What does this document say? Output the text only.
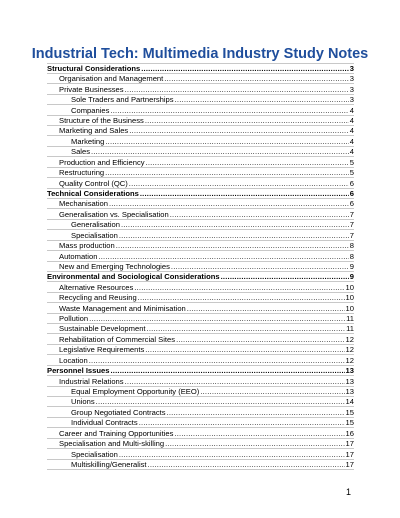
Industrial Tech: Multimedia Industry Study Notes
Structural Considerations .....	3
Organisation and Management .....	3
Private Businesses .....	3
Sole Traders and Partnerships .....	3
Companies .....	4
Structure of the Business .....	4
Marketing and Sales .....	4
Marketing .....	4
Sales .....	4
Production and Efficiency .....	5
Restructuring .....	5
Quality Control (QC) .....	6
Technical Considerations .....	6
Mechanisation .....	6
Generalisation vs. Specialisation .....	7
Generalisation .....	7
Specialisation .....	7
Mass production .....	8
Automation .....	8
New and Emerging Technologies .....	9
Environmental and Sociological Considerations .....	9
Alternative Resources .....	10
Recycling and Reusing .....	10
Waste Management and Minimisation .....	10
Pollution .....	11
Sustainable Development .....	11
Rehabilitation of Commercial Sites .....	12
Legislative Requirements .....	12
Location .....	12
Personnel Issues .....	13
Industrial Relations .....	13
Equal Employment Opportunity (EEO) .....	13
Unions .....	14
Group Negotiated Contracts .....	15
Individual Contracts .....	15
Career and Training Opportunities .....	16
Specialisation and Multi-skilling .....	17
Specialisation .....	17
Multiskilling/Generalist .....	17
1
